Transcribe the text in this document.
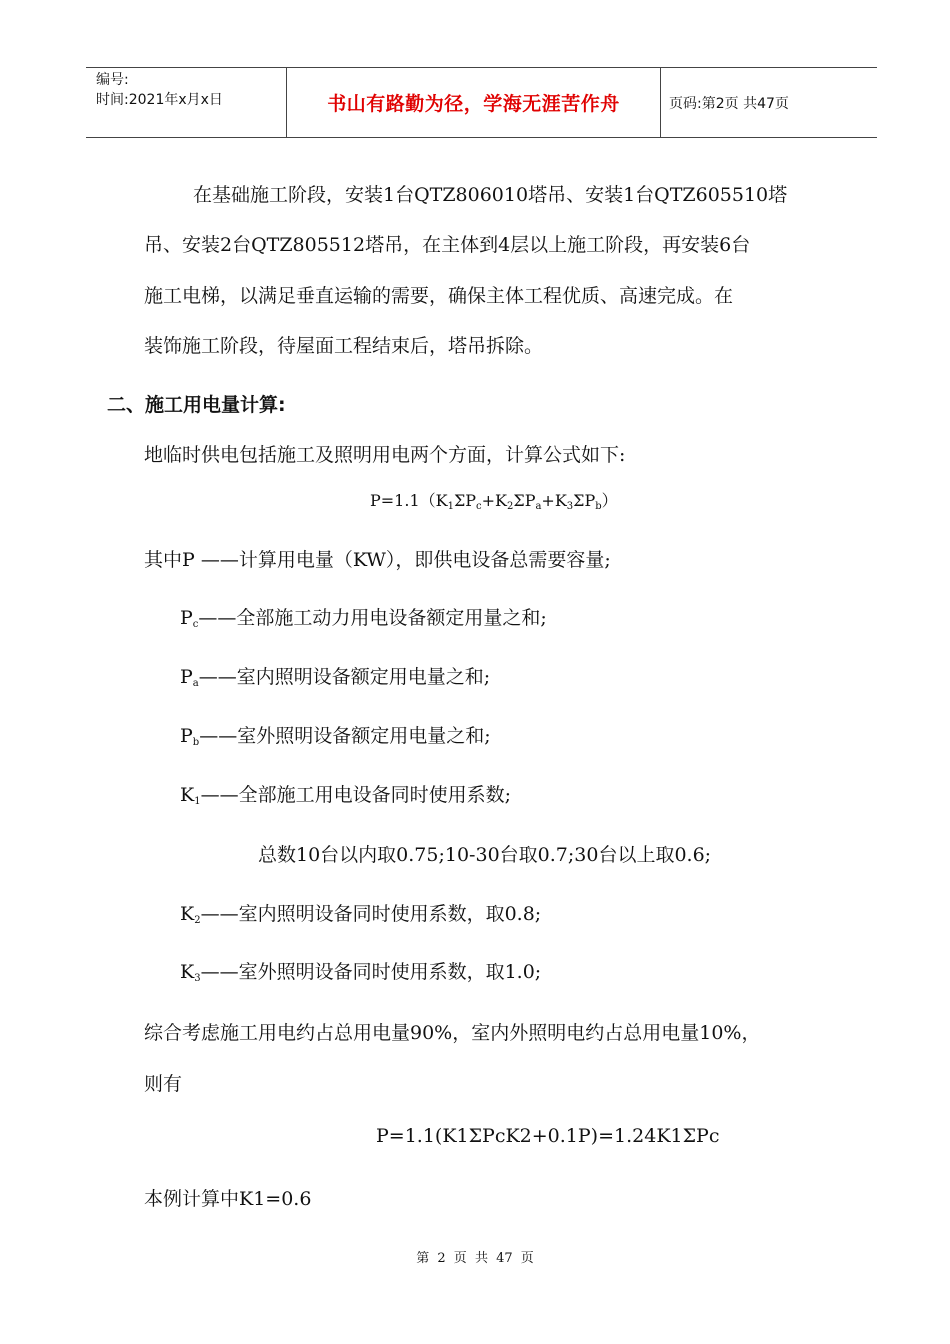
编号:
时间:2021年x月x日	书山有路勤为径，学海无涯苦作舟	页码:第2页 共47页
在基础施工阶段，安装1台QTZ806010塔吊、安装1台QTZ605510塔
吊、安装2台QTZ805512塔吊，在主体到4层以上施工阶段，再安装6台
施工电梯，以满足垂直运输的需要，确保主体工程优质、高速完成。在
装饰施工阶段，待屋面工程结束后，塔吊拆除。
二、施工用电量计算:
地临时供电包括施工及照明用电两个方面，计算公式如下:
$P=1.1(K_1\Sigma P_c+K_2\Sigma P_a+K_3\Sigma P_b)$
其中P ——计算用电量（KW），即供电设备总需要容量;
$P_c——$全部施工动力用电设备额定用量之和;
$P_a——$室内照明设备额定用电量之和;
$P_b——$室外照明设备额定用电量之和;
$K_1——$全部施工用电设备同时使用系数;
总数10台以内取0.75;10-30台取0.7;30台以上取0.6;
$K_2——$室内照明设备同时使用系数，取0.8;
$K_3——$室外照明设备同时使用系数，取1.0;
综合考虑施工用电约占总用电量90%，室内外照明电约占总用电量10%，
则有
P=1.1(K1ΣPcK2+0.1P)=1.24K1ΣPc
本例计算中K1=0.6
第 2 页 共 47 页
